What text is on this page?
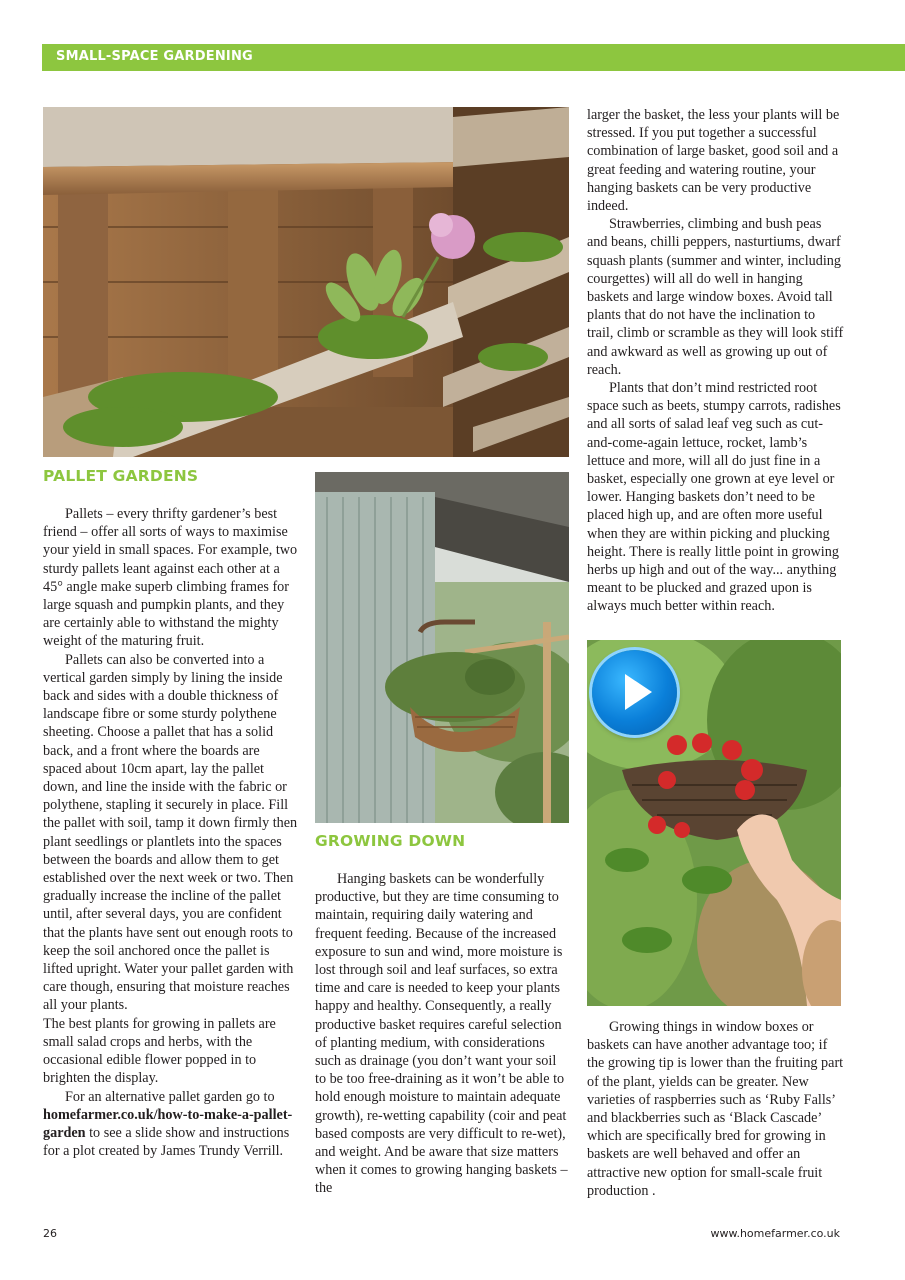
SMALL-SPACE GARDENING
PALLET GARDENS

Pallets – every thrifty gardener’s best friend – offer all sorts of ways to maximise your yield in small spaces. For example, two sturdy pallets leant against each other at a 45° angle make superb climbing frames for large squash and pumpkin plants, and they are certainly able to withstand the mighty weight of the maturing fruit.

Pallets can also be converted into a vertical garden simply by lining the inside back and sides with a double thickness of landscape fibre or some sturdy polythene sheeting. Choose a pallet that has a solid back, and a front where the boards are spaced about 10cm apart, lay the pallet down, and line the inside with the fabric or polythene, stapling it securely in place. Fill the pallet with soil, tamp it down firmly then plant seedlings or plantlets into the spaces between the boards and allow them to get established over the next week or two. Then gradually increase the incline of the pallet until, after several days, you are confident that the plants have sent out enough roots to keep the soil anchored once the pallet is lifted upright. Water your pallet garden with care though, ensuring that moisture reaches all your plants.

The best plants for growing in pallets are small salad crops and herbs, with the occasional edible flower popped in to brighten the display.

For an alternative pallet garden go to homefarmer.co.uk/how-to-make-a-pallet-garden to see a slide show and instructions for a plot created by James Trundy Verrill.

GROWING DOWN

Hanging baskets can be wonderfully productive, but they are time consuming to maintain, requiring daily watering and frequent feeding. Because of the increased exposure to sun and wind, more moisture is lost through soil and leaf surfaces, so extra time and care is needed to keep your plants happy and healthy. Consequently, a really productive basket requires careful selection of planting medium, with considerations such as drainage (you don’t want your soil to be too free-draining as it won’t be able to hold enough moisture to maintain adequate growth), re-wetting capability (coir and peat based composts are very difficult to re-wet), and weight. And be aware that size matters when it comes to growing hanging baskets – the

larger the basket, the less your plants will be stressed. If you put together a successful combination of large basket, good soil and a great feeding and watering routine, your hanging baskets can be very productive indeed.

Strawberries, climbing and bush peas and beans, chilli peppers, nasturtiums, dwarf squash plants (summer and winter, including courgettes) will all do well in hanging baskets and large window boxes. Avoid tall plants that do not have the inclination to trail, climb or scramble as they will look stiff and awkward as well as growing up out of reach.

Plants that don’t mind restricted root space such as beets, stumpy carrots, radishes and all sorts of salad leaf veg such as cut-and-come-again lettuce, rocket, lamb’s lettuce and more, will all do just fine in a basket, especially one grown at eye level or lower. Hanging baskets don’t need to be placed high up, and are often more useful when they are within picking and plucking height. There is really little point in growing herbs up high and out of the way... anything meant to be plucked and grazed upon is always much better within reach.

Growing things in window boxes or baskets can have another advantage too; if the growing tip is lower than the fruiting part of the plant, yields can be greater. New varieties of raspberries such as ‘Ruby Falls’ and blackberries such as ‘Black Cascade’ which are specifically bred for growing in baskets are well behaved and offer an attractive new option for small-scale fruit production .

26	www.homefarmer.co.uk
